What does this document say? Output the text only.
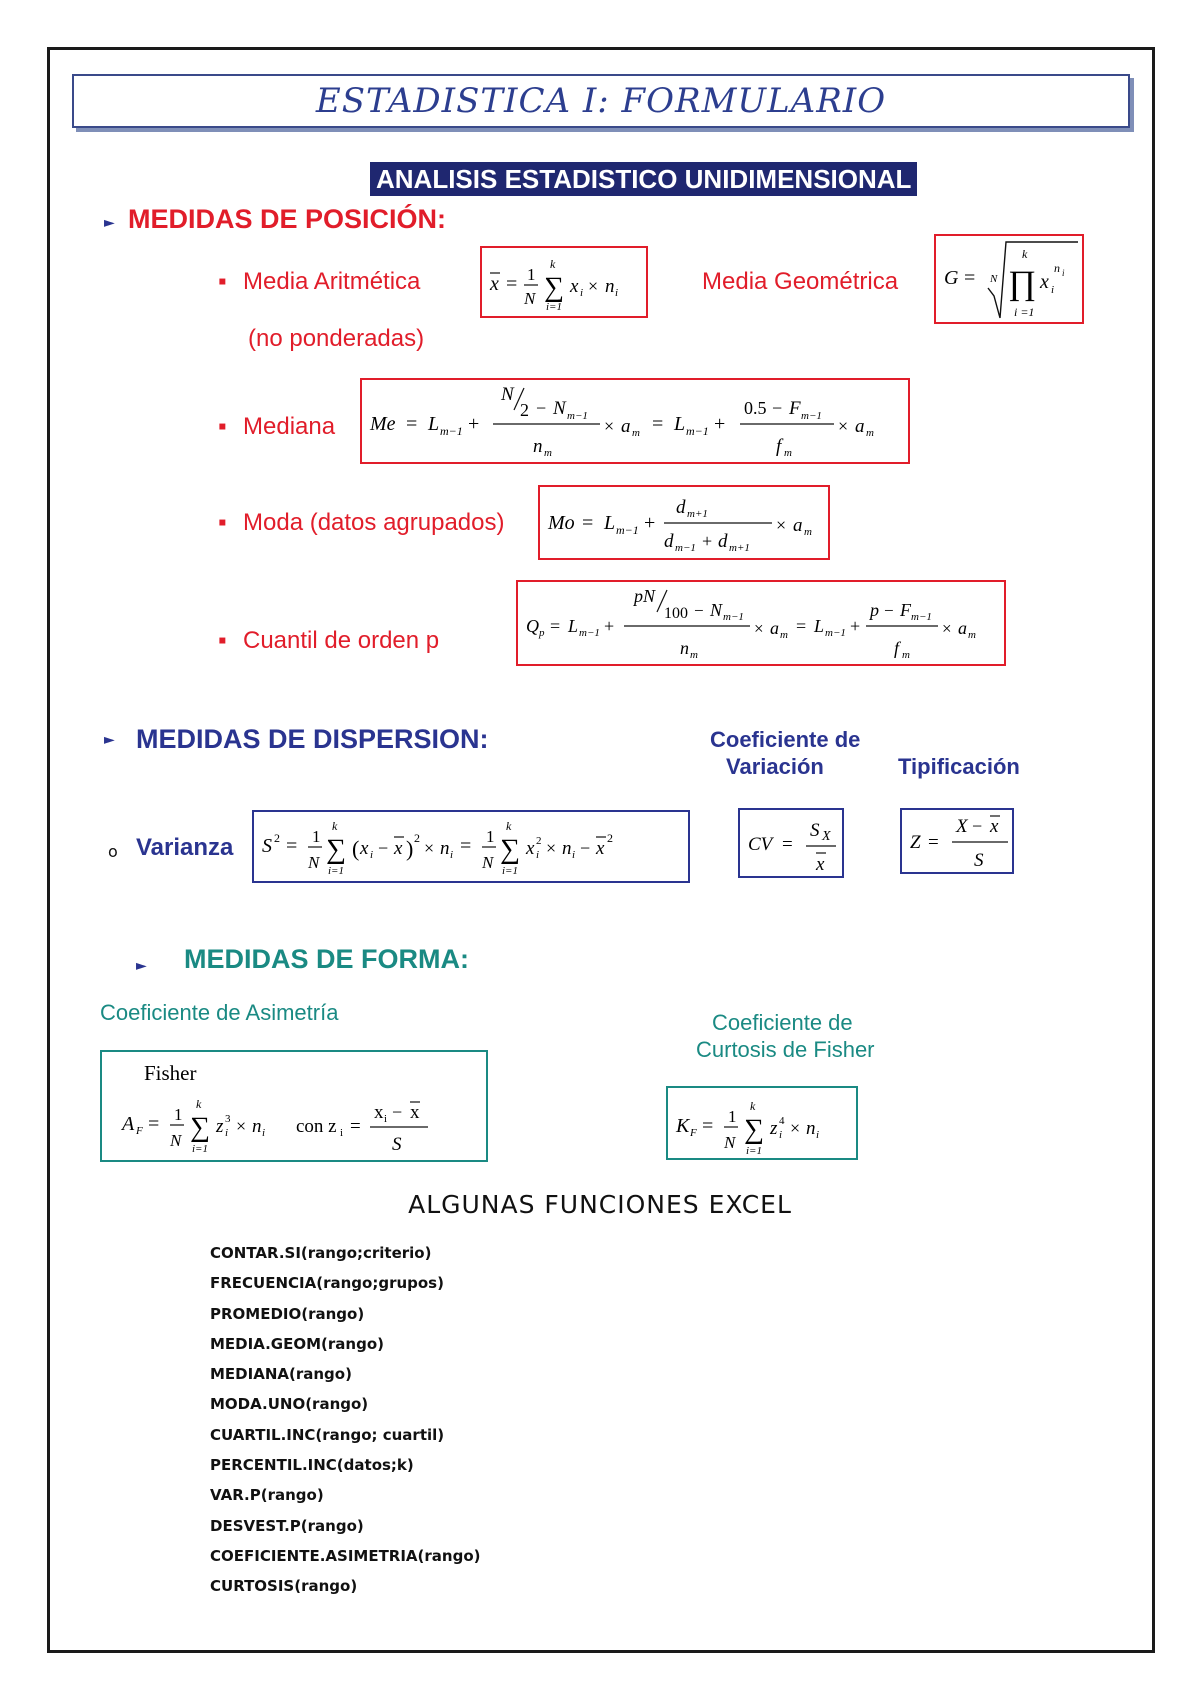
ESTADISTICA I: FORMULARIO
ANALISIS ESTADISTICO UNIDIMENSIONAL
► MEDIDAS DE POSICIÓN:
▪ Media Aritmética
(no ponderadas)
x = 1
N ∑
k
i=1
x i × n i	Media Geométrica G = N ∏
k
i =1
x i
n i
▪ Mediana Me = L m−1 +
N
2 − N m−1
n m
× a m = L m−1 +
0.5 − F m−1
f m
× a m
▪ Moda (datos agrupados) Mo = L m−1 +
d m+1
d m−1 + d m+1
× a m
▪ Cuantil de orden p
Q p = L m−1 +
pN
100 − N m−1
n m
× a m = L m−1 +
p − F m−1
f m
× a m
► MEDIDAS DE DISPERSION:	Coeficiente de
Variación	Tipificación
o Varianza S 2 = 1
N ∑
k
i=1
( x i − x ) 2 × n i = 1
N ∑
k
i=1
x i
2 × n i − x 2	CV =
S X
x
Z =
X − x
S
► MEDIDAS DE FORMA:
Coeficiente de Asimetría
Fisher
A F = 1
N ∑
k
i=1
z i
3 × n i con z i =
x i − x
S
Coeficiente de
Curtosis de Fisher
K F = 1
N ∑
k
i=1
z i
4 × n i
ALGUNAS FUNCIONES EXCEL
CONTAR.SI(rango;criterio)
FRECUENCIA(rango;grupos)
PROMEDIO(rango)
MEDIA.GEOM(rango)
MEDIANA(rango)
MODA.UNO(rango)
CUARTIL.INC(rango; cuartil)
PERCENTIL.INC(datos;k)
VAR.P(rango)
DESVEST.P(rango)
COEFICIENTE.ASIMETRIA(rango)
CURTOSIS(rango)
